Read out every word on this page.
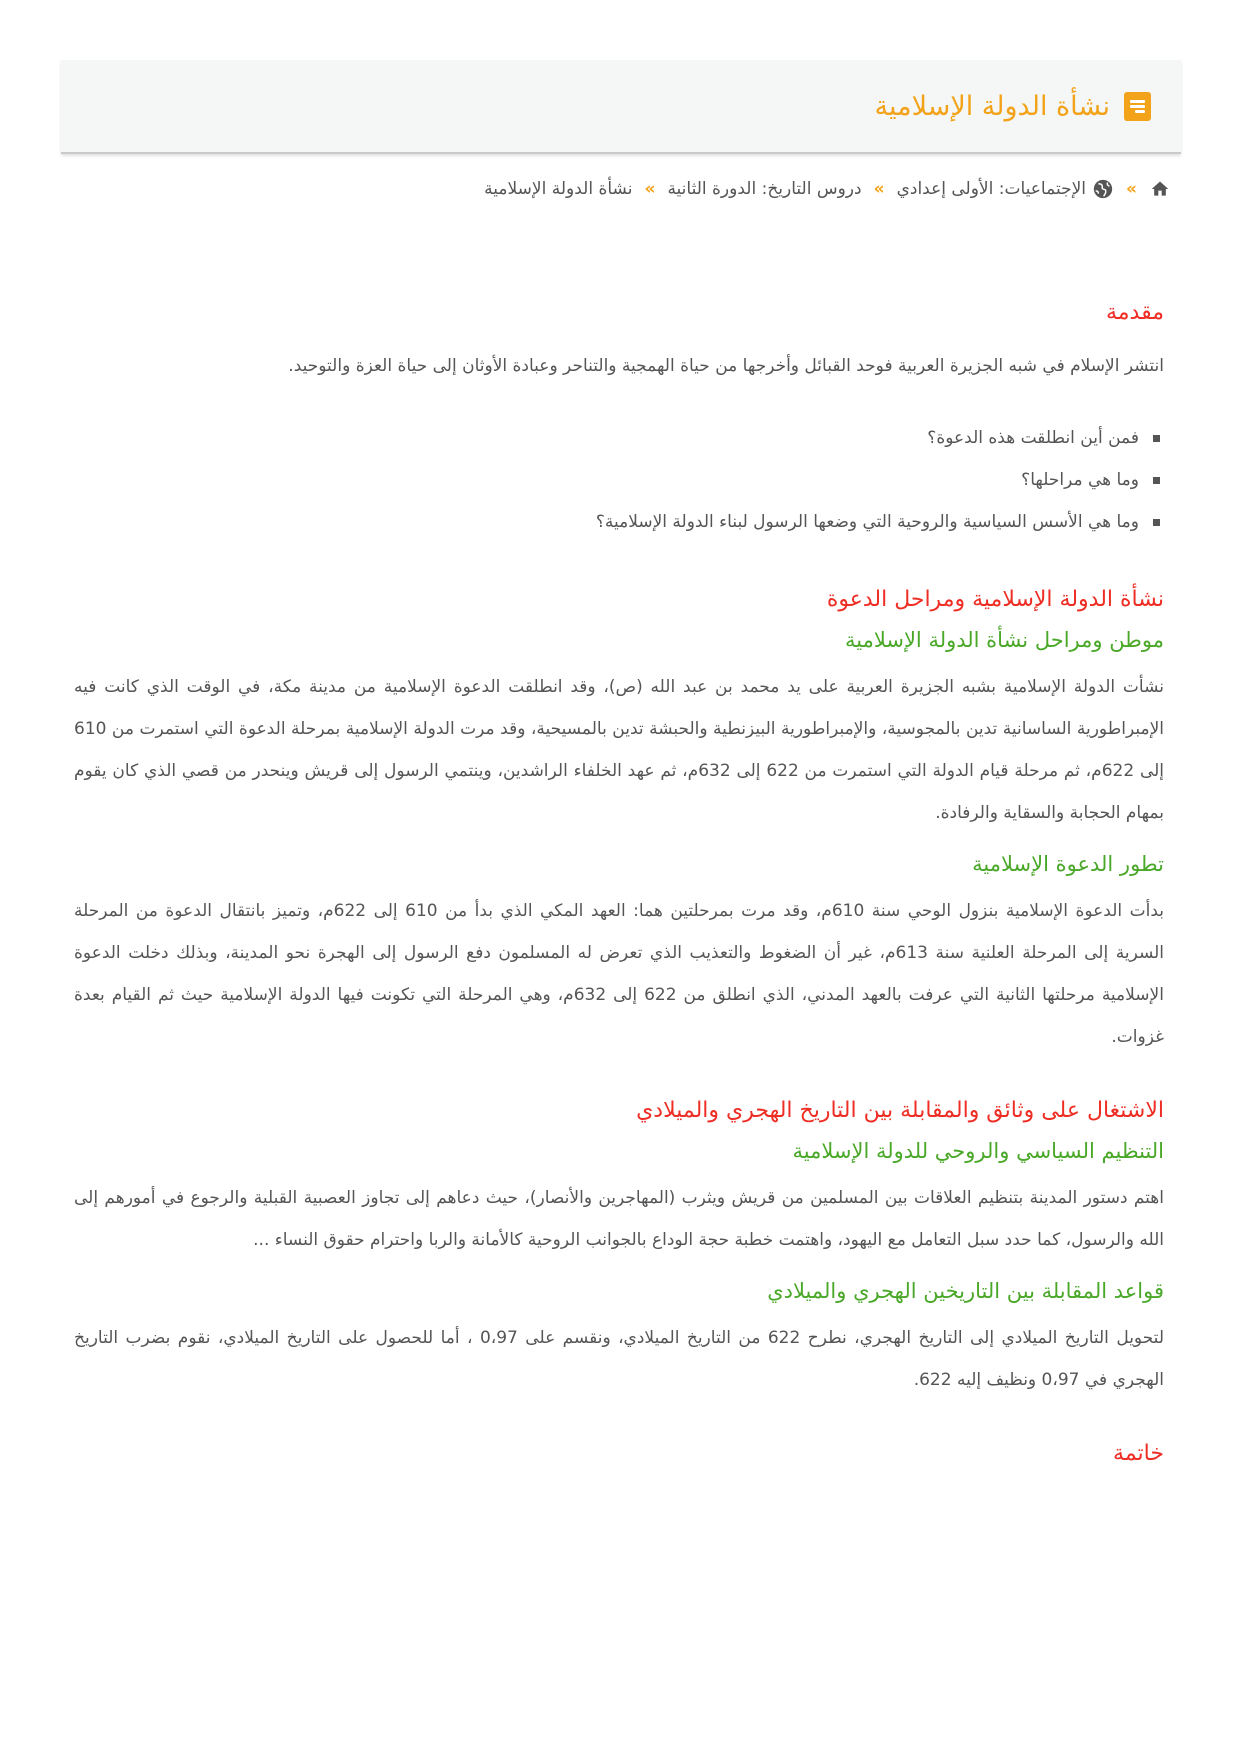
نشأة الدولة الإسلامية
»
الإجتماعيات: الأولى إعدادي
»
دروس التاريخ: الدورة الثانية
»
نشأة الدولة الإسلامية
مقدمة

انتشر الإسلام في شبه الجزيرة العربية فوحد القبائل وأخرجها من حياة الهمجية والتناحر وعبادة الأوثان إلى حياة العزة والتوحيد.

فمن أين انطلقت هذه الدعوة؟
وما هي مراحلها؟
وما هي الأسس السياسية والروحية التي وضعها الرسول لبناء الدولة الإسلامية؟
نشأة الدولة الإسلامية ومراحل الدعوة
موطن ومراحل نشأة الدولة الإسلامية

نشأت الدولة الإسلامية بشبه الجزيرة العربية على يد محمد بن عبد الله (ص)، وقد انطلقت الدعوة الإسلامية من مدينة مكة، في الوقت الذي كانت فيه الإمبراطورية الساسانية تدين بالمجوسية، والإمبراطورية البيزنطية والحبشة تدين بالمسيحية، وقد مرت الدولة الإسلامية بمرحلة الدعوة التي استمرت من 610 إلى 622م، ثم مرحلة قيام الدولة التي استمرت من 622 إلى 632م، ثم عهد الخلفاء الراشدين، وينتمي الرسول إلى قريش وينحدر من قصي الذي كان يقوم بمهام الحجابة والسقاية والرفادة.

تطور الدعوة الإسلامية

بدأت الدعوة الإسلامية بنزول الوحي سنة 610م، وقد مرت بمرحلتين هما: العهد المكي الذي بدأ من 610 إلى 622م، وتميز بانتقال الدعوة من المرحلة السرية إلى المرحلة العلنية سنة 613م، غير أن الضغوط والتعذيب الذي تعرض له المسلمون دفع الرسول إلى الهجرة نحو المدينة، وبذلك دخلت الدعوة الإسلامية مرحلتها الثانية التي عرفت بالعهد المدني، الذي انطلق من 622 إلى 632م، وهي المرحلة التي تكونت فيها الدولة الإسلامية حيث ثم القيام بعدة غزوات.

الاشتغال على وثائق والمقابلة بين التاريخ الهجري والميلادي
التنظيم السياسي والروحي للدولة الإسلامية

اهتم دستور المدينة بتنظيم العلاقات بين المسلمين من قريش ويثرب (المهاجرين والأنصار)، حيث دعاهم إلى تجاوز العصبية القبلية والرجوع في أمورهم إلى الله والرسول، كما حدد سبل التعامل مع اليهود، واهتمت خطبة حجة الوداع بالجوانب الروحية كالأمانة والربا واحترام حقوق النساء ...

قواعد المقابلة بين التاريخين الهجري والميلادي

لتحويل التاريخ الميلادي إلى التاريخ الهجري، نطرح 622 من التاريخ الميلادي، ونقسم على 0،97 ، أما للحصول على التاريخ الميلادي، نقوم بضرب التاريخ الهجري في 0،97 ونظيف إليه 622.

خاتمة
